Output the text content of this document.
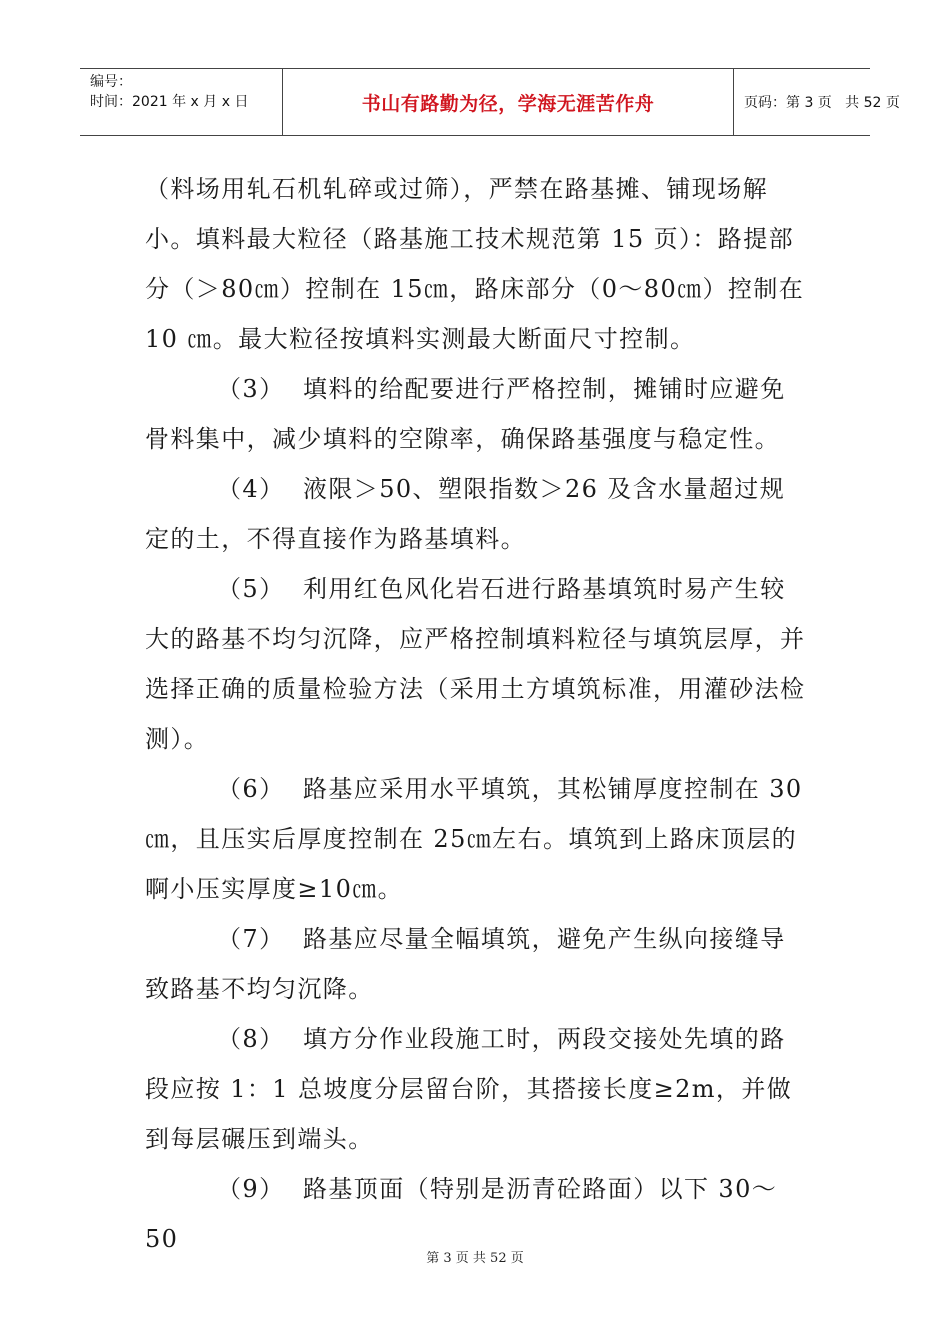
编号：
时间：2021 年 x 月 x 日	书山有路勤为径，学海无涯苦作舟	页码：第 3 页   共 52 页

（料场用轧石机轧碎或过筛），严禁在路基摊、铺现场解小。填料最大粒径（路基施工技术规范第 15 页）：路提部分（＞80㎝）控制在 15㎝，路床部分（0～80㎝）控制在 10 ㎝。最大粒径按填料实测最大断面尺寸控制。

（3） 填料的给配要进行严格控制，摊铺时应避免骨料集中，减少填料的空隙率，确保路基强度与稳定性。

（4） 液限＞50、塑限指数＞26 及含水量超过规定的土，不得直接作为路基填料。

（5） 利用红色风化岩石进行路基填筑时易产生较大的路基不均匀沉降，应严格控制填料粒径与填筑层厚，并选择正确的质量检验方法（采用土方填筑标准，用灌砂法检测）。

（6） 路基应采用水平填筑，其松铺厚度控制在 30 ㎝，且压实后厚度控制在 25㎝左右。填筑到上路床顶层的啊小压实厚度≥10㎝。

（7） 路基应尽量全幅填筑，避免产生纵向接缝导致路基不均匀沉降。

（8） 填方分作业段施工时，两段交接处先填的路段应按 1：1 总坡度分层留台阶，其搭接长度≥2m，并做到每层碾压到端头。

（9） 路基顶面（特别是沥青砼路面）以下 30～50

第 3 页 共 52 页
